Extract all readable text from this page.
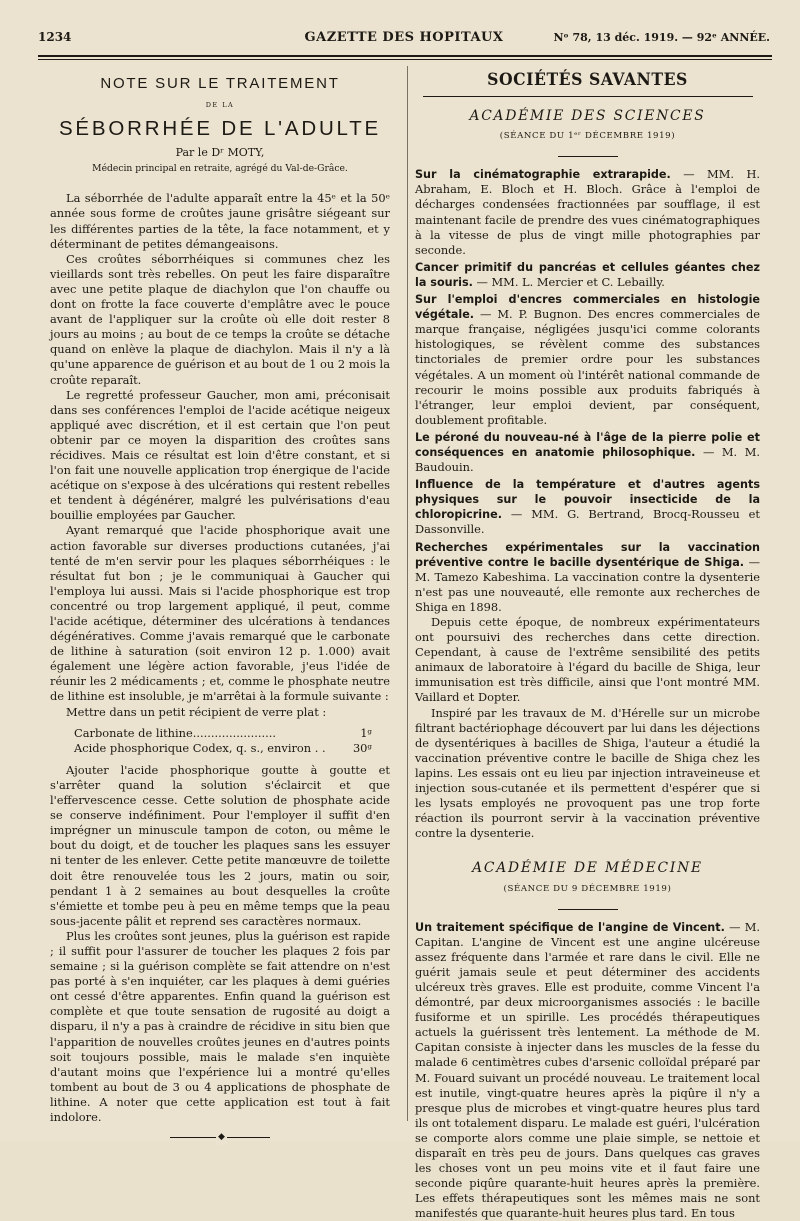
1234	GAZETTE DES HOPITAUX	Nᵒ 78, 13 déc. 1919. — 92ᵉ ANNÉE.
NOTE SUR LE TRAITEMENT
DE LA
SÉBORRHÉE DE L'ADULTE
Par le Dʳ MOTY,
Médecin principal en retraite, agrégé du Val-de-Grâce.

La séborrhée de l'adulte apparaît entre la 45ᵉ et la 50ᵉ année sous forme de croûtes jaune grisâtre siégeant sur les différentes parties de la tête, la face notamment, et y déterminant de petites démangeaisons.

Ces croûtes séborrhéiques si communes chez les vieillards sont très rebelles. On peut les faire disparaître avec une petite plaque de diachylon que l'on chauffe ou dont on frotte la face couverte d'emplâtre avec le pouce avant de l'appliquer sur la croûte où elle doit rester 8 jours au moins ; au bout de ce temps la croûte se détache quand on enlève la plaque de diachylon. Mais il n'y a là qu'une apparence de guérison et au bout de 1 ou 2 mois la croûte reparaît.

Le regretté professeur Gaucher, mon ami, préconisait dans ses conférences l'emploi de l'acide acétique neigeux appliqué avec discrétion, et il est certain que l'on peut obtenir par ce moyen la disparition des croûtes sans récidives. Mais ce résultat est loin d'être constant, et si l'on fait une nouvelle application trop énergique de l'acide acétique on s'expose à des ulcérations qui restent rebelles et tendent à dégénérer, malgré les pulvérisations d'eau bouillie employées par Gaucher.

Ayant remarqué que l'acide phosphorique avait une action favorable sur diverses productions cutanées, j'ai tenté de m'en servir pour les plaques séborrhéiques : le résultat fut bon ; je le communiquai à Gaucher qui l'employa lui aussi. Mais si l'acide phosphorique est trop concentré ou trop largement appliqué, il peut, comme l'acide acétique, déterminer des ulcérations à tendances dégénératives. Comme j'avais remarqué que le carbonate de lithine à saturation (soit environ 12 p. 1.000) avait également une légère action favorable, j'eus l'idée de réunir les 2 médicaments ; et, comme le phosphate neutre de lithine est insoluble, je m'arrêtai à la formule suivante :

Mettre dans un petit récipient de verre plat :

Carbonate de lithine.......................	1ᵍ
Acide phosphorique Codex, q. s., environ . . 30ᵍ

Ajouter l'acide phosphorique goutte à goutte et s'arrêter quand la solution s'éclaircit et que l'effervescence cesse. Cette solution de phosphate acide se conserve indéfiniment. Pour l'employer il suffit d'en imprégner un minuscule tampon de coton, ou même le bout du doigt, et de toucher les plaques sans les essuyer ni tenter de les enlever. Cette petite manœuvre de toilette doit être renouvelée tous les 2 jours, matin ou soir, pendant 1 à 2 semaines au bout desquelles la croûte s'émiette et tombe peu à peu en même temps que la peau sous-jacente pâlit et reprend ses caractères normaux.

Plus les croûtes sont jeunes, plus la guérison est rapide ; il suffit pour l'assurer de toucher les plaques 2 fois par semaine ; si la guérison complète se fait attendre on n'est pas porté à s'en inquiéter, car les plaques à demi guéries ont cessé d'être apparentes. Enfin quand la guérison est complète et que toute sensation de rugosité au doigt a disparu, il n'y a pas à craindre de récidive in situ bien que l'apparition de nouvelles croûtes jeunes en d'autres points soit toujours possible, mais le malade s'en inquiète d'autant moins que l'expérience lui a montré qu'elles tombent au bout de 3 ou 4 applications de phosphate de lithine. A noter que cette application est tout à fait indolore.

◆
SOCIÉTÉS SAVANTES
ACADÉMIE DES SCIENCES
(SÉANCE DU 1ᵉʳ DÉCEMBRE 1919)

Sur la cinématographie extrarapide. — MM. H. Abraham, E. Bloch et H. Bloch. Grâce à l'emploi de décharges condensées fractionnées par soufflage, il est maintenant facile de prendre des vues cinématographiques à la vitesse de plus de vingt mille photographies par seconde.

Cancer primitif du pancréas et cellules géantes chez la souris. — MM. L. Mercier et C. Lebailly.

Sur l'emploi d'encres commerciales en histologie végétale. — M. P. Bugnon. Des encres commerciales de marque française, négligées jusqu'ici comme colorants histologiques, se révèlent comme des substances tinctoriales de premier ordre pour les substances végétales. A un moment où l'intérêt national commande de recourir le moins possible aux produits fabriqués à l'étranger, leur emploi devient, par conséquent, doublement profitable.

Le péroné du nouveau-né à l'âge de la pierre polie et conséquences en anatomie philosophique. — M. M. Baudouin.

Influence de la température et d'autres agents physiques sur le pouvoir insecticide de la chloropicrine. — MM. G. Bertrand, Brocq-Rousseu et Dassonville.

Recherches expérimentales sur la vaccination préventive contre le bacille dysentérique de Shiga. — M. Tamezo Kabeshima. La vaccination contre la dysenterie n'est pas une nouveauté, elle remonte aux recherches de Shiga en 1898.

Depuis cette époque, de nombreux expérimentateurs ont poursuivi des recherches dans cette direction. Cependant, à cause de l'extrême sensibilité des petits animaux de laboratoire à l'égard du bacille de Shiga, leur immunisation est très difficile, ainsi que l'ont montré MM. Vaillard et Dopter.

Inspiré par les travaux de M. d'Hérelle sur un microbe filtrant bactériophage découvert par lui dans les déjections de dysentériques à bacilles de Shiga, l'auteur a étudié la vaccination préventive contre le bacille de Shiga chez les lapins. Les essais ont eu lieu par injection intraveineuse et injection sous-cutanée et ils permettent d'espérer que si les lysats employés ne provoquent pas une trop forte réaction ils pourront servir à la vaccination préventive contre la dysenterie.

ACADÉMIE DE MÉDECINE
(SÉANCE DU 9 DÉCEMBRE 1919)

Un traitement spécifique de l'angine de Vincent. — M. Capitan. L'angine de Vincent est une angine ulcéreuse assez fréquente dans l'armée et rare dans le civil. Elle ne guérit jamais seule et peut déterminer des accidents ulcéreux très graves. Elle est produite, comme Vincent l'a démontré, par deux microorganismes associés : le bacille fusiforme et un spirille. Les procédés thérapeutiques actuels la guérissent très lentement. La méthode de M. Capitan consiste à injecter dans les muscles de la fesse du malade 6 centimètres cubes d'arsenic colloïdal préparé par M. Fouard suivant un procédé nouveau. Le traitement local est inutile, vingt-quatre heures après la piqûre il n'y a presque plus de microbes et vingt-quatre heures plus tard ils ont totalement disparu. Le malade est guéri, l'ulcération se comporte alors comme une plaie simple, se nettoie et disparaît en très peu de jours. Dans quelques cas graves les choses vont un peu moins vite et il faut faire une seconde piqûre quarante-huit heures après la première. Les effets thérapeutiques sont les mêmes mais ne sont manifestés que quarante-huit heures plus tard. En tous
